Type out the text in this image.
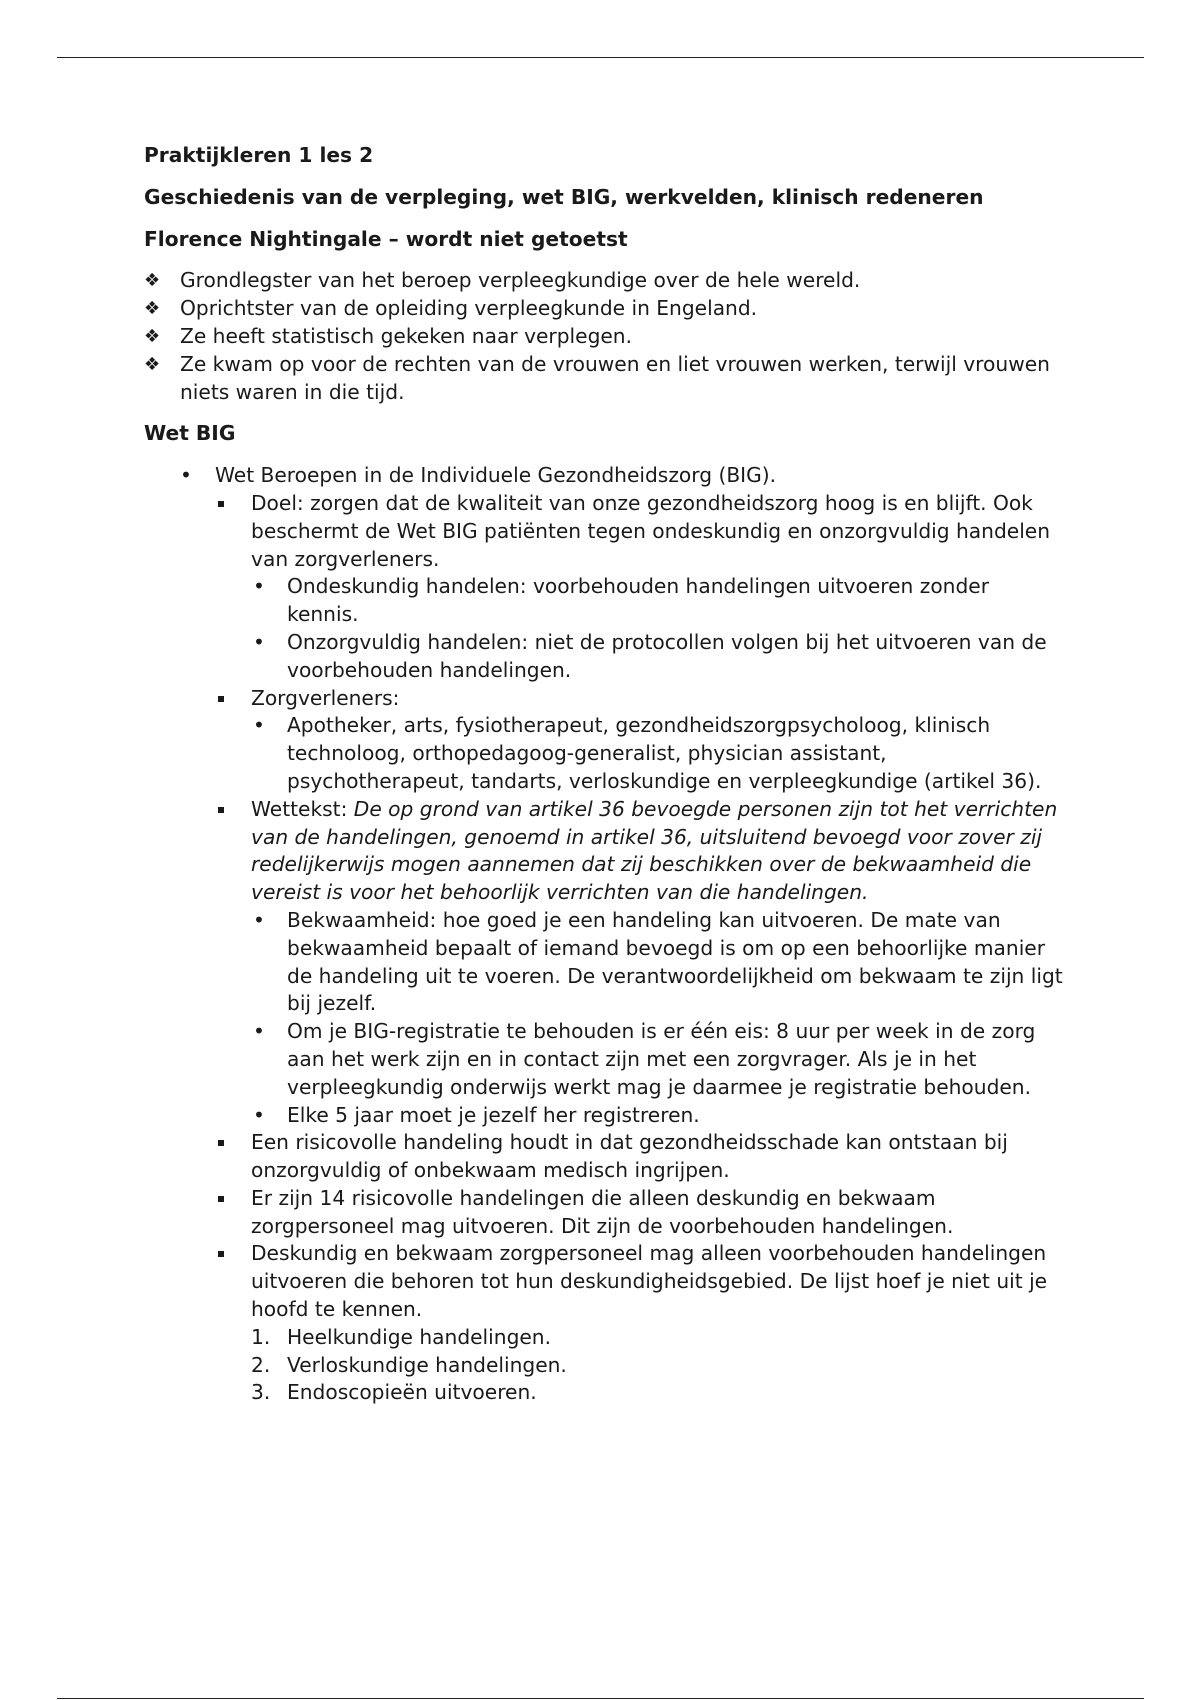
Praktijkleren 1 les 2
Geschiedenis van de verpleging, wet BIG, werkvelden, klinisch redeneren
Florence Nightingale – wordt niet getoetst
❖ Grondlegster van het beroep verpleegkundige over de hele wereld.
❖ Oprichtster van de opleiding verpleegkunde in Engeland.
❖ Ze heeft statistisch gekeken naar verplegen.
❖ Ze kwam op voor de rechten van de vrouwen en liet vrouwen werken, terwijl vrouwen niets waren in die tijd.
Wet BIG
• Wet Beroepen in de Individuele Gezondheidszorg (BIG).
Doel: zorgen dat de kwaliteit van onze gezondheidszorg hoog is en blijft. Ook beschermt de Wet BIG patiënten tegen ondeskundig en onzorgvuldig handelen van zorgverleners.
• Ondeskundig handelen: voorbehouden handelingen uitvoeren zonder kennis.
• Onzorgvuldig handelen: niet de protocollen volgen bij het uitvoeren van de voorbehouden handelingen.
Zorgverleners:
• Apotheker, arts, fysiotherapeut, gezondheidszorgpsycholoog, klinisch technoloog, orthopedagoog-generalist, physician assistant, psychotherapeut, tandarts, verloskundige en verpleegkundige (artikel 36).
Wettekst: De op grond van artikel 36 bevoegde personen zijn tot het verrichten van de handelingen, genoemd in artikel 36, uitsluitend bevoegd voor zover zij redelijkerwijs mogen aannemen dat zij beschikken over de bekwaamheid die vereist is voor het behoorlijk verrichten van die handelingen.
• Bekwaamheid: hoe goed je een handeling kan uitvoeren. De mate van bekwaamheid bepaalt of iemand bevoegd is om op een behoorlijke manier de handeling uit te voeren. De verantwoordelijkheid om bekwaam te zijn ligt bij jezelf.
• Om je BIG-registratie te behouden is er één eis: 8 uur per week in de zorg aan het werk zijn en in contact zijn met een zorgvrager. Als je in het verpleegkundig onderwijs werkt mag je daarmee je registratie behouden.
• Elke 5 jaar moet je jezelf her registreren.
Een risicovolle handeling houdt in dat gezondheidsschade kan ontstaan bij onzorgvuldig of onbekwaam medisch ingrijpen.
Er zijn 14 risicovolle handelingen die alleen deskundig en bekwaam zorgpersoneel mag uitvoeren. Dit zijn de voorbehouden handelingen.
Deskundig en bekwaam zorgpersoneel mag alleen voorbehouden handelingen uitvoeren die behoren tot hun deskundigheidsgebied. De lijst hoef je niet uit je hoofd te kennen.
1. Heelkundige handelingen.
2. Verloskundige handelingen.
3. Endoscopieën uitvoeren.
